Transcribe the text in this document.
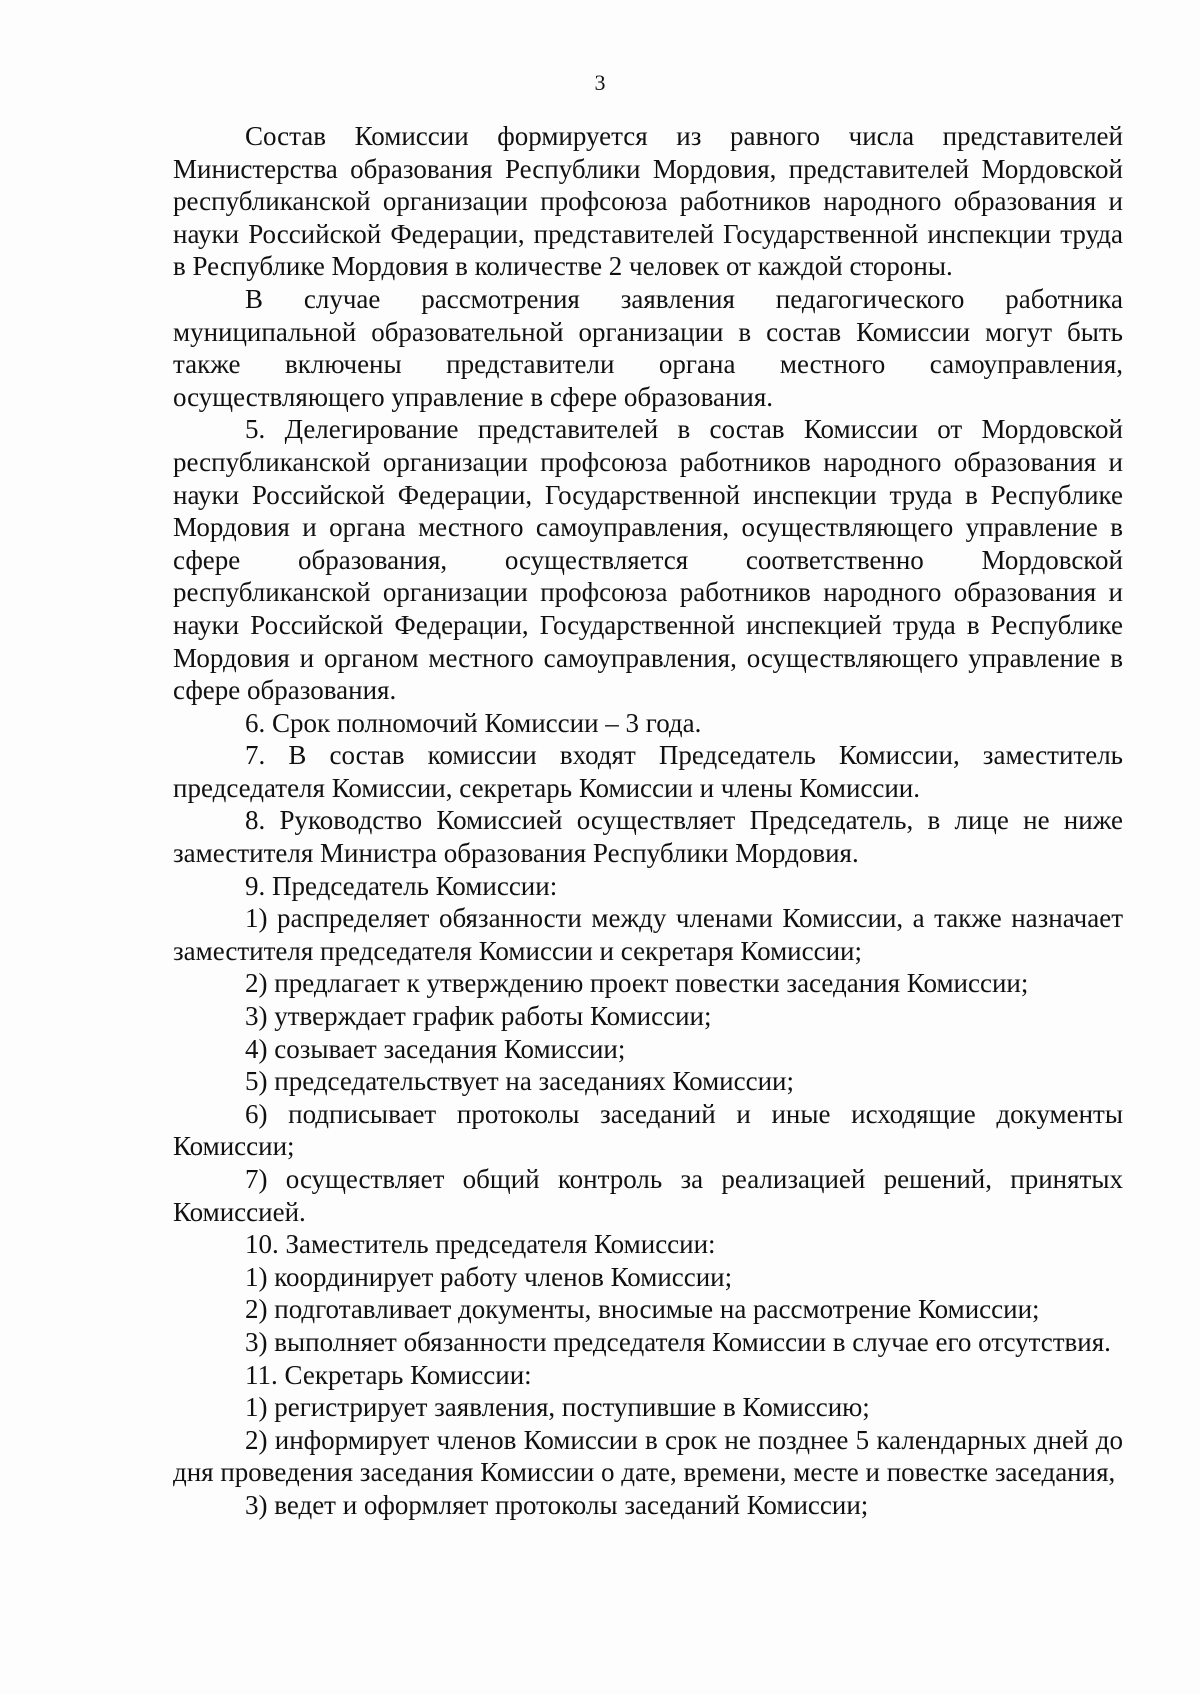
3

Состав Комиссии формируется из равного числа представителей Министерства образования Республики Мордовия, представителей Мордовской республиканской организации профсоюза работников народного образования и науки Российской Федерации, представителей Государственной инспекции труда в Республике Мордовия в количестве 2 человек от каждой стороны.

В случае рассмотрения заявления педагогического работника муниципальной образовательной организации в состав Комиссии могут быть также включены представители органа местного самоуправления, осуществляющего управление в сфере образования.

5. Делегирование представителей в состав Комиссии от Мордовской республиканской организации профсоюза работников народного образования и науки Российской Федерации, Государственной инспекции труда в Республике Мордовия и органа местного самоуправления, осуществляющего управление в сфере образования, осуществляется соответственно Мордовской республиканской организации профсоюза работников народного образования и науки Российской Федерации, Государственной инспекцией труда в Республике Мордовия и органом местного самоуправления, осуществляющего управление в сфере образования.

6. Срок полномочий Комиссии – 3 года.

7. В состав комиссии входят Председатель Комиссии, заместитель председателя Комиссии, секретарь Комиссии и члены Комиссии.

8. Руководство Комиссией осуществляет Председатель, в лице не ниже заместителя Министра образования Республики Мордовия.

9. Председатель Комиссии:

1) распределяет обязанности между членами Комиссии, а также назначает заместителя председателя Комиссии и секретаря Комиссии;

2) предлагает к утверждению проект повестки заседания Комиссии;

3) утверждает график работы Комиссии;

4) созывает заседания Комиссии;

5) председательствует на заседаниях Комиссии;

6) подписывает протоколы заседаний и иные исходящие документы Комиссии;

7) осуществляет общий контроль за реализацией решений, принятых Комиссией.

10. Заместитель председателя Комиссии:

1) координирует работу членов Комиссии;

2) подготавливает документы, вносимые на рассмотрение Комиссии;

3) выполняет обязанности председателя Комиссии в случае его отсутствия.

11. Секретарь Комиссии:

1) регистрирует заявления, поступившие в Комиссию;

2) информирует членов Комиссии в срок не позднее 5 календарных дней до дня проведения заседания Комиссии о дате, времени, месте и повестке заседания,

3) ведет и оформляет протоколы заседаний Комиссии;
